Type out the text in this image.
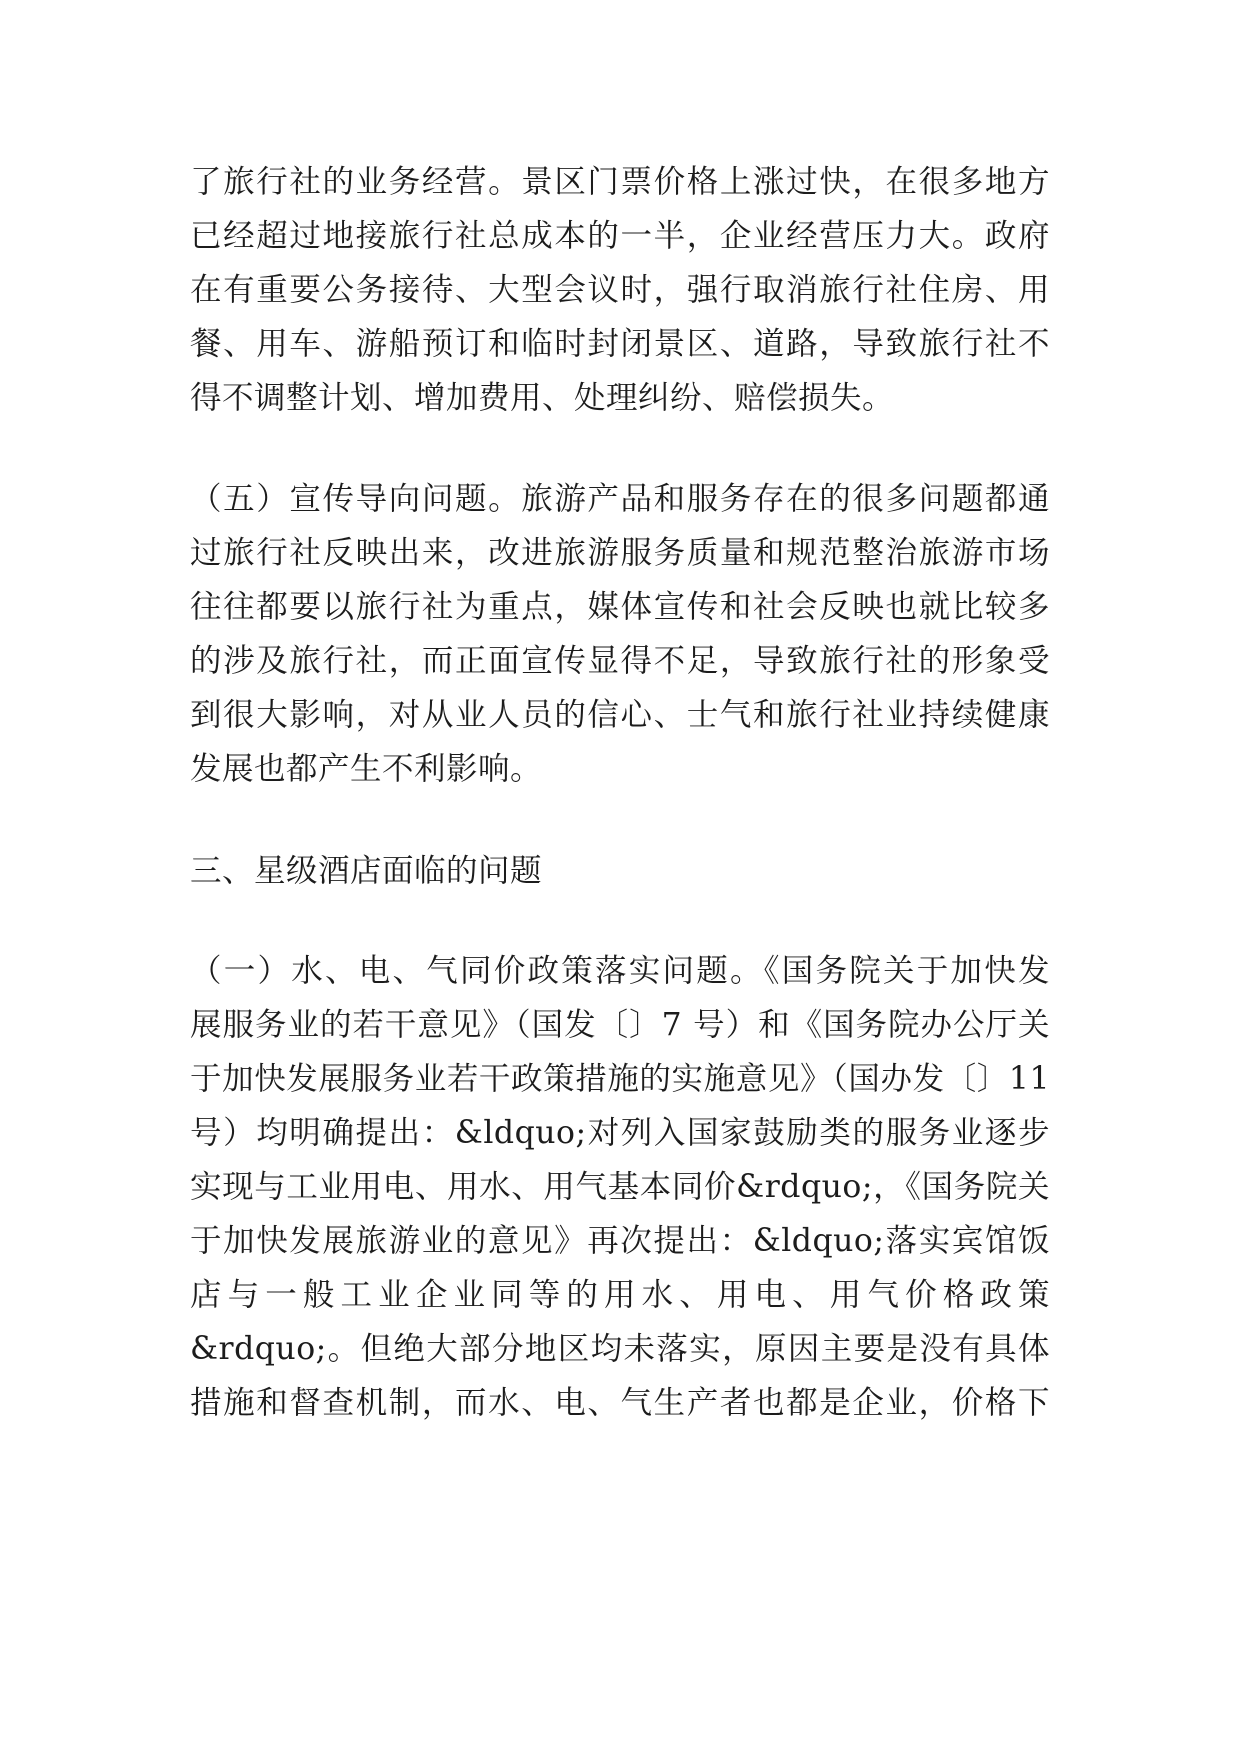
了旅行社的业务经营。景区门票价格上涨过快，在很多地方
已经超过地接旅行社总成本的一半，企业经营压力大。政府
在有重要公务接待、大型会议时，强行取消旅行社住房、用
餐、用车、游船预订和临时封闭景区、道路，导致旅行社不
得不调整计划、增加费用、处理纠纷、赔偿损失。
（五）宣传导向问题。旅游产品和服务存在的很多问题都通
过旅行社反映出来，改进旅游服务质量和规范整治旅游市场
往往都要以旅行社为重点，媒体宣传和社会反映也就比较多
的涉及旅行社，而正面宣传显得不足，导致旅行社的形象受
到很大影响，对从业人员的信心、士气和旅行社业持续健康
发展也都产生不利影响。
三、星级酒店面临的问题
（一）水、电、气同价政策落实问题。《国务院关于加快发
展服务业的若干意见》（国发〔〕7 号）和《国务院办公厅关
于加快发展服务业若干政策措施的实施意见》（国办发〔〕11
号）均明确提出：&ldquo;对列入国家鼓励类的服务业逐步
实现与工业用电、用水、用气基本同价&rdquo;，《国务院关
于加快发展旅游业的意见》再次提出：&ldquo;落实宾馆饭
店与一般工业企业同等的用水、用电、用气价格政策
&rdquo;。但绝大部分地区均未落实，原因主要是没有具体
措施和督查机制，而水、电、气生产者也都是企业，价格下
